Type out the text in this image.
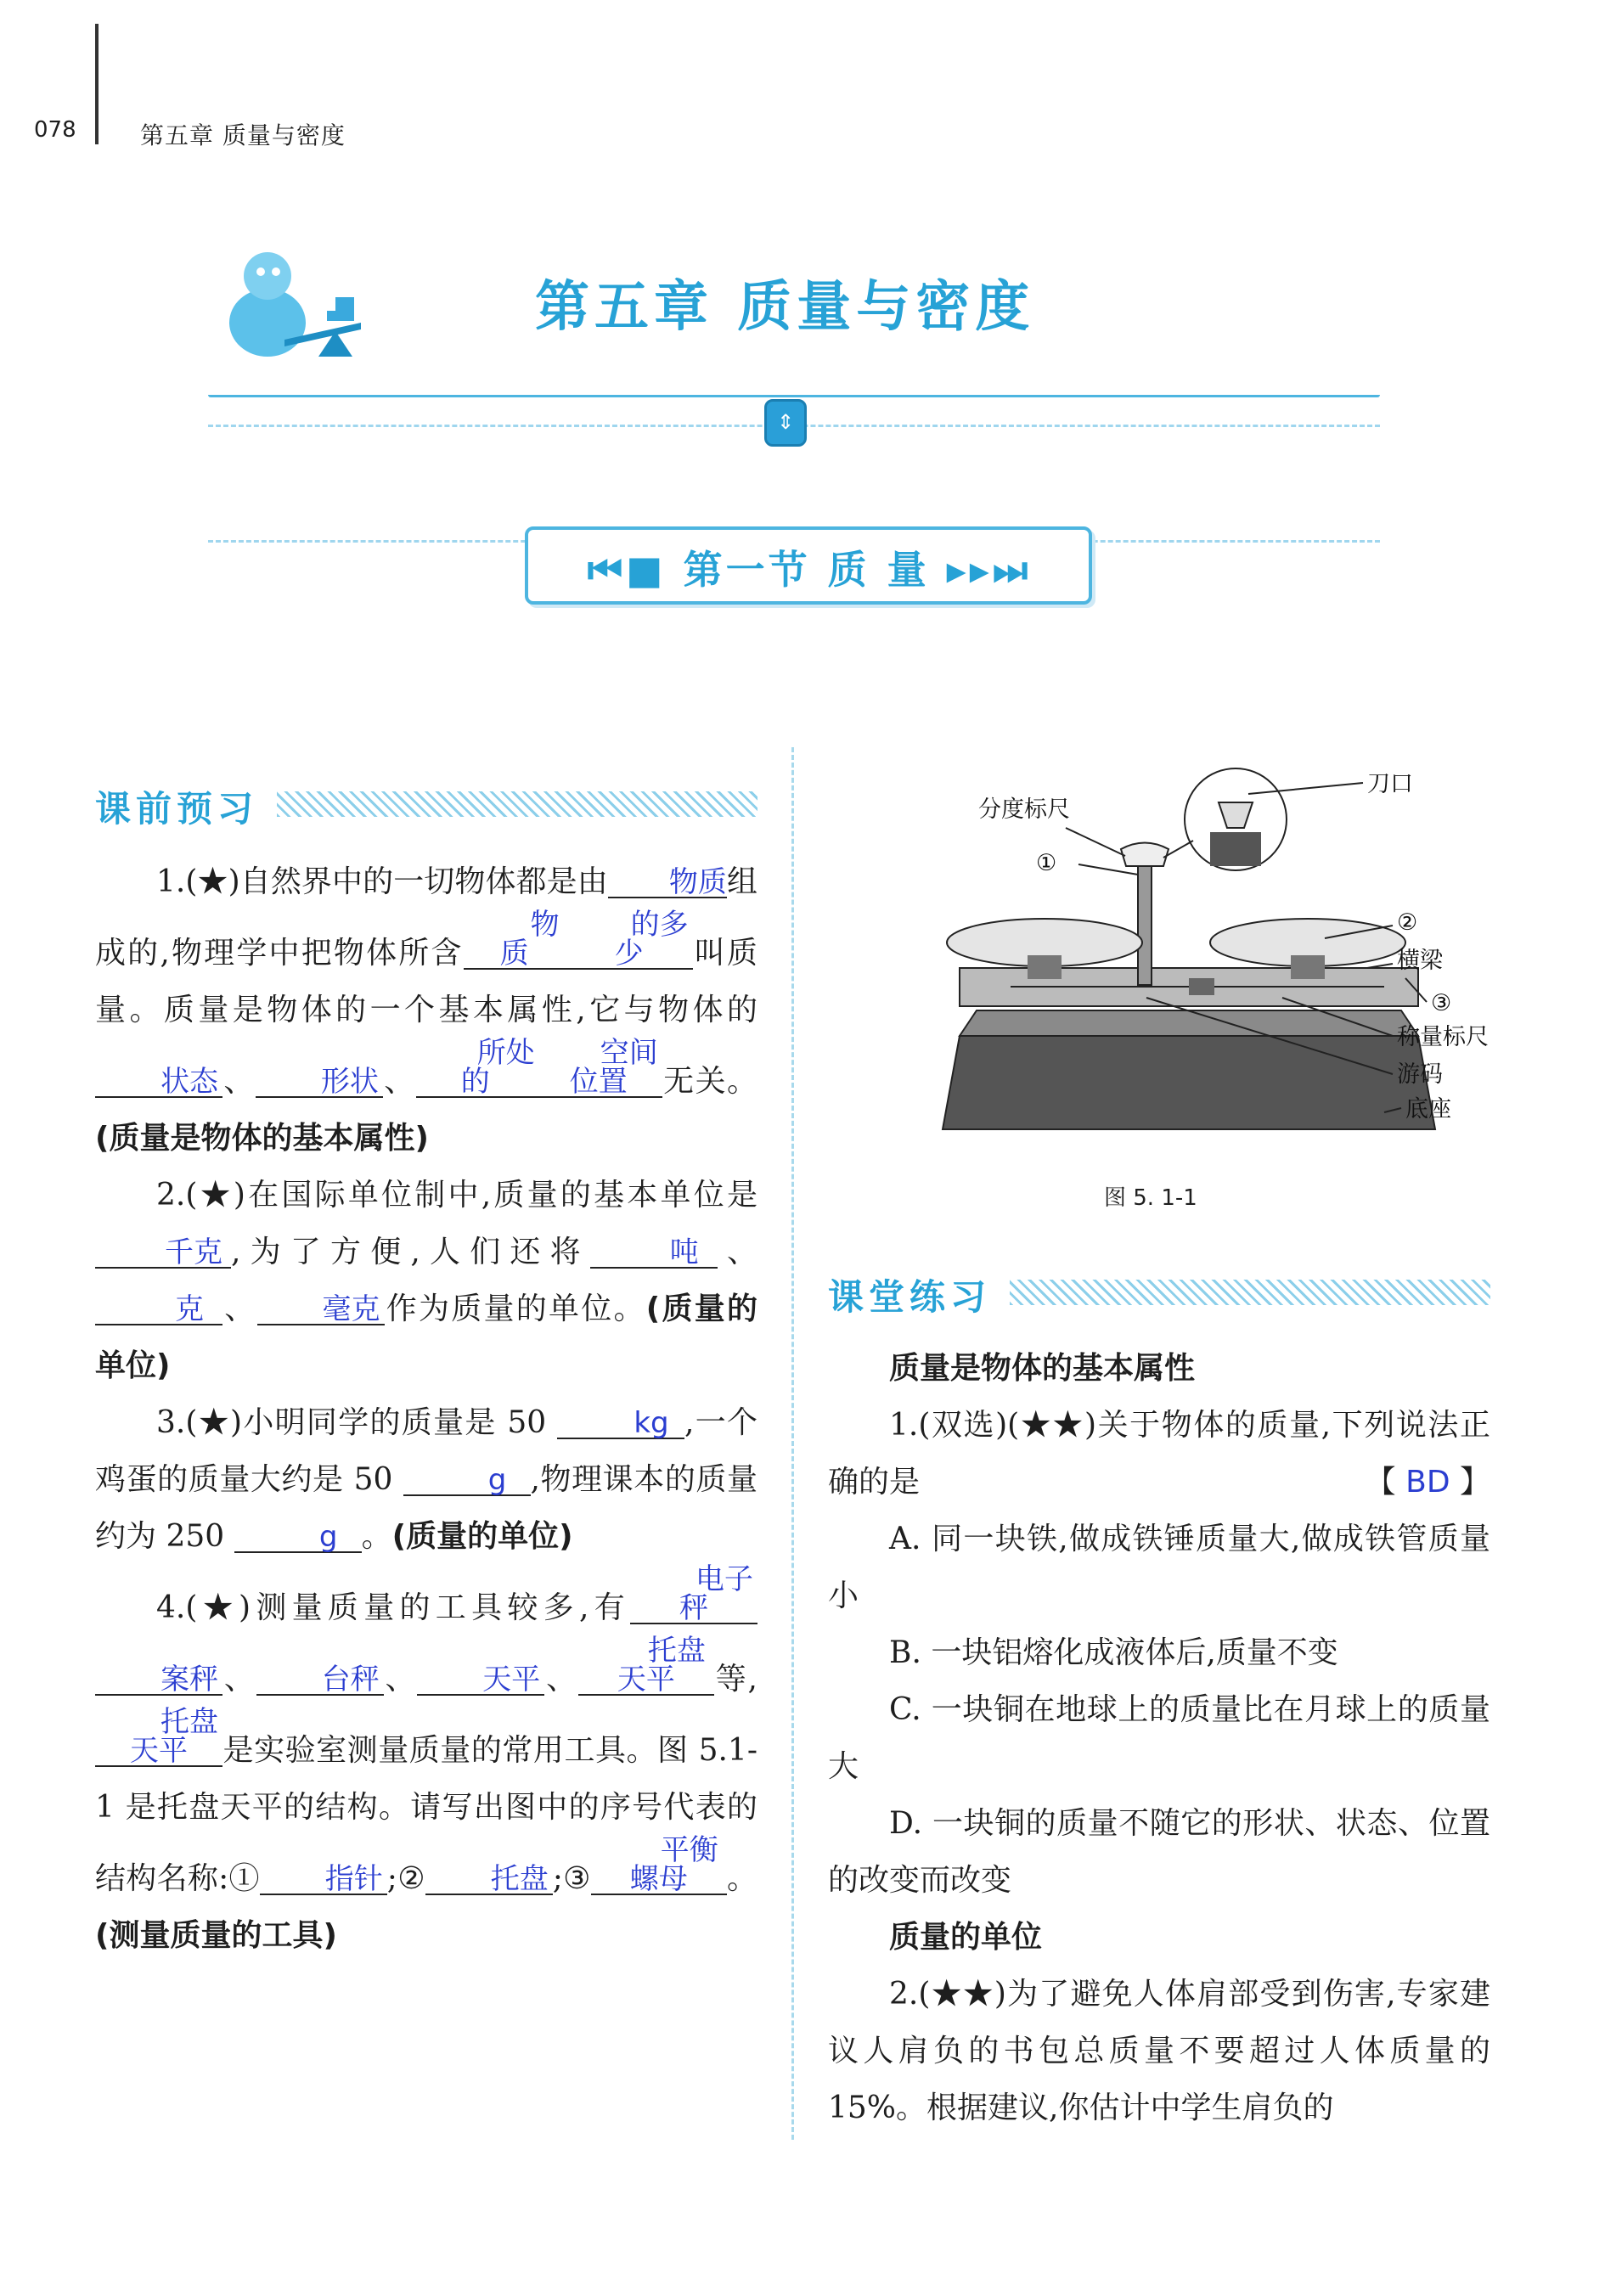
078	第五章 质量与密度
第五章 质量与密度
⇕
⏮■ 第一节 质 量 ▸▸⏭
课前预习

1.(★)自然界中的一切物体都是由 物质组成的,物理学中把物体所含物质的多少 叫质量。质量是物体的一个基本属性,它与物体的状态 、 形状 、所处的空间位置 无关。(质量是物体的基本属性)

2.(★)在国际单位制中,质量的基本单位是千克 ,为了方便,人们还将	吨 、克 、 毫克 作为质量的单位。(质量的单位)

3.(★)小明同学的质量是 50	kg ,一个鸡蛋的质量大约是 50	g ,物理课本的质量约为 250	g 。(质量的单位)

4.(★)测量质量的工具较多,有电子秤案秤 、 台秤 、 天平 、托盘天平 等,托盘天平 是实验室测量质量的常用工具。图 5.1-1 是托盘天平的结构。请写出图中的序号代表的结构名称:① 指针 ;② 托盘 ;③平衡螺母 。(测量质量的工具)

刀口
分度标尺
①
②
横梁
③
称量标尺
游码
底座
图 5. 1-1
课堂练习

质量是物体的基本属性

1.(双选)(★★)关于物体的质量,下列说法正确的是	【 BD 】

A. 同一块铁,做成铁锤质量大,做成铁管质量小

B. 一块铝熔化成液体后,质量不变

C. 一块铜在地球上的质量比在月球上的质量大

D. 一块铜的质量不随它的形状、状态、位置的改变而改变

质量的单位

2.(★★)为了避免人体肩部受到伤害,专家建议人肩负的书包总质量不要超过人体质量的 15%。根据建议,你估计中学生肩负的
